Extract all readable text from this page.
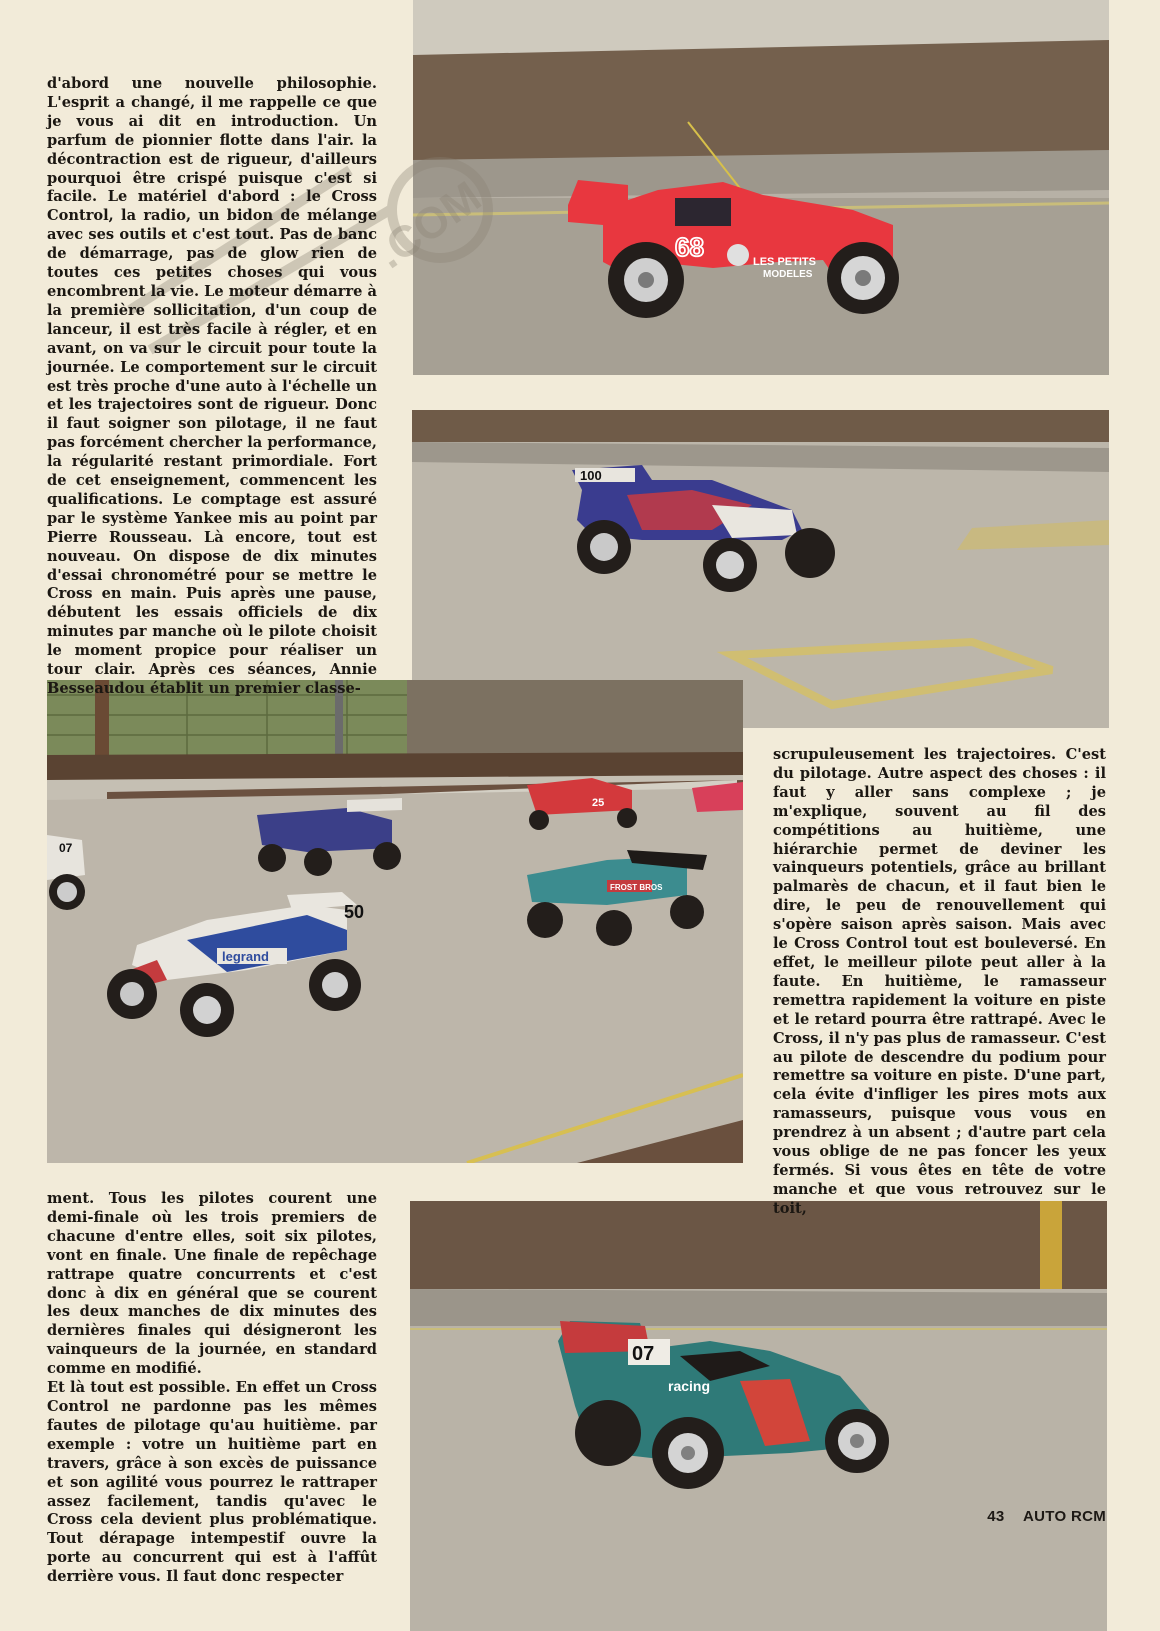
68	LES PETITS
MODELES
100
07
25
FROST BROS
50
legrand
07
racing
.COM

d'abord une nouvelle philosophie. L'esprit a changé, il me rappelle ce que je vous ai dit en introduction. Un parfum de pionnier flotte dans l'air. la décontraction est de rigueur, d'ailleurs pourquoi être crispé puisque c'est si facile. Le matériel d'abord : le Cross Control, la radio, un bidon de mélange avec ses outils et c'est tout. Pas de banc de démarrage, pas de glow rien de toutes ces petites choses qui vous encombrent la vie. Le moteur démarre à la première sollicitation, d'un coup de lanceur, il est très facile à régler, et en avant, on va sur le circuit pour toute la journée. Le comportement sur le circuit est très proche d'une auto à l'échelle un et les trajectoires sont de rigueur. Donc il faut soigner son pilotage, il ne faut pas forcément chercher la performance, la régularité restant primordiale. Fort de cet enseignement, commencent les qualifications. Le comptage est assuré par le système Yankee mis au point par Pierre Rousseau. Là encore, tout est nouveau. On dispose de dix minutes d'essai chronométré pour se mettre le Cross en main. Puis après une pause, débutent les essais officiels de dix minutes par manche où le pilote choisit le moment propice pour réaliser un tour clair. Après ces séances, Annie Besseaudou établit un premier classe-

scrupuleusement les trajectoires. C'est du pilotage. Autre aspect des choses : il faut y aller sans complexe ; je m'explique, souvent au fil des compétitions au huitième, une hiérarchie permet de deviner les vainqueurs potentiels, grâce au brillant palmarès de chacun, et il faut bien le dire, le peu de renouvellement qui s'opère saison après saison. Mais avec le Cross Control tout est bouleversé. En effet, le meilleur pilote peut aller à la faute. En huitième, le ramasseur remettra rapidement la voiture en piste et le retard pourra être rattrapé. Avec le Cross, il n'y pas plus de ramasseur. C'est au pilote de descendre du podium pour remettre sa voiture en piste. D'une part, cela évite d'infliger les pires mots aux ramasseurs, puisque vous vous en prendrez à un absent ; d'autre part cela vous oblige de ne pas foncer les yeux fermés. Si vous êtes en tête de votre manche et que vous retrouvez sur le toit,

ment. Tous les pilotes courent une demi-finale où les trois premiers de chacune d'entre elles, soit six pilotes, vont en finale. Une finale de repêchage rattrape quatre concurrents et c'est donc à dix en général que se courent les deux manches de dix minutes des dernières finales qui désigneront les vainqueurs de la journée, en standard comme en modifié.

Et là tout est possible. En effet un Cross Control ne pardonne pas les mêmes fautes de pilotage qu'au huitième. par exemple : votre un huitième part en travers, grâce à son excès de puissance et son agilité vous pourrez le rattraper assez facilement, tandis qu'avec le Cross cela devient plus problématique. Tout dérapage intempestif ouvre la porte au concurrent qui est à l'affût derrière vous. Il faut donc respecter

43 AUTO RCM
